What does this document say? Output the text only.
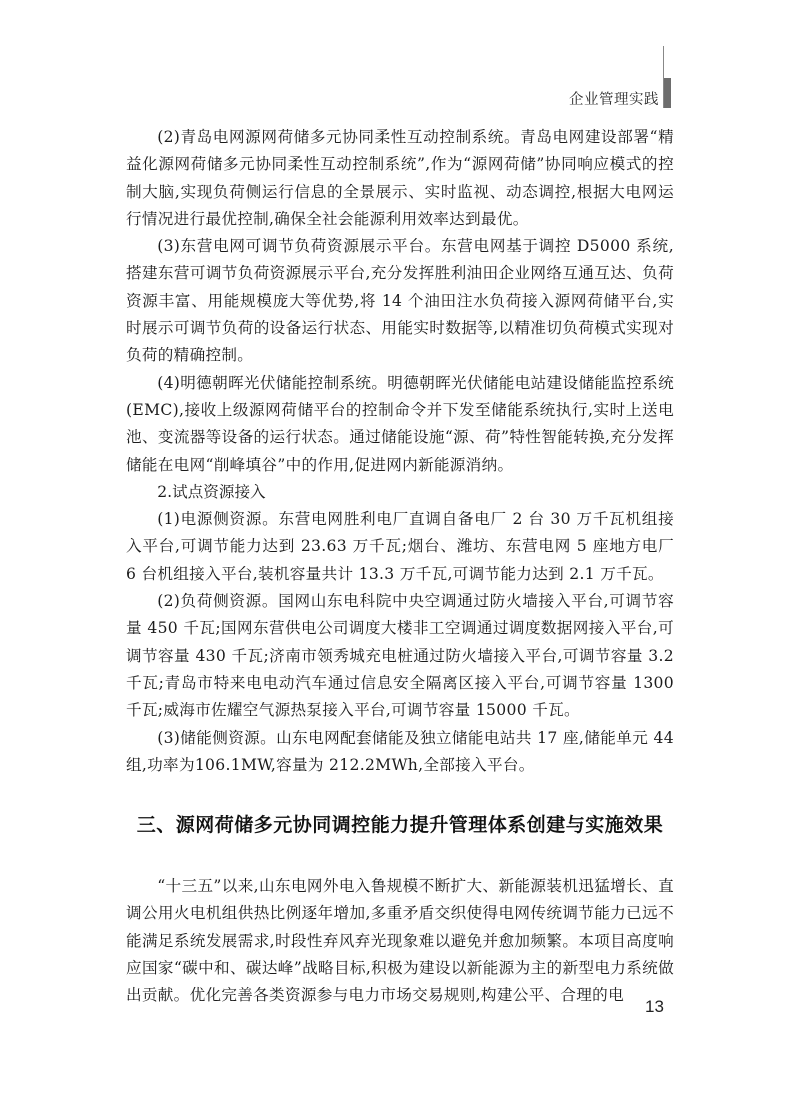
企业管理实践

(2)青岛电网源网荷储多元协同柔性互动控制系统。青岛电网建设部署“精益化源网荷储多元协同柔性互动控制系统”,作为“源网荷储”协同响应模式的控制大脑,实现负荷侧运行信息的全景展示、实时监视、动态调控,根据大电网运行情况进行最优控制,确保全社会能源利用效率达到最优。

(3)东营电网可调节负荷资源展示平台。东营电网基于调控 D5000 系统,搭建东营可调节负荷资源展示平台,充分发挥胜利油田企业网络互通互达、负荷资源丰富、用能规模庞大等优势,将 14 个油田注水负荷接入源网荷储平台,实时展示可调节负荷的设备运行状态、用能实时数据等,以精准切负荷模式实现对负荷的精确控制。

(4)明德朝晖光伏储能控制系统。明德朝晖光伏储能电站建设储能监控系统(EMC),接收上级源网荷储平台的控制命令并下发至储能系统执行,实时上送电池、变流器等设备的运行状态。通过储能设施“源、荷”特性智能转换,充分发挥储能在电网“削峰填谷”中的作用,促进网内新能源消纳。

2.试点资源接入

(1)电源侧资源。东营电网胜利电厂直调自备电厂 2 台 30 万千瓦机组接入平台,可调节能力达到 23.63 万千瓦;烟台、潍坊、东营电网 5 座地方电厂 6 台机组接入平台,装机容量共计 13.3 万千瓦,可调节能力达到 2.1 万千瓦。

(2)负荷侧资源。国网山东电科院中央空调通过防火墙接入平台,可调节容量 450 千瓦;国网东营供电公司调度大楼非工空调通过调度数据网接入平台,可调节容量 430 千瓦;济南市领秀城充电桩通过防火墙接入平台,可调节容量 3.2 千瓦;青岛市特来电电动汽车通过信息安全隔离区接入平台,可调节容量 1300 千瓦;威海市佐耀空气源热泵接入平台,可调节容量 15000 千瓦。

(3)储能侧资源。山东电网配套储能及独立储能电站共 17 座,储能单元 44 组,功率为106.1MW,容量为 212.2MWh,全部接入平台。

三、源网荷储多元协同调控能力提升管理体系创建与实施效果

“十三五”以来,山东电网外电入鲁规模不断扩大、新能源装机迅猛增长、直调公用火电机组供热比例逐年增加,多重矛盾交织使得电网传统调节能力已远不能满足系统发展需求,时段性弃风弃光现象难以避免并愈加频繁。本项目高度响应国家“碳中和、碳达峰”战略目标,积极为建设以新能源为主的新型电力系统做出贡献。优化完善各类资源参与电力市场交易规则,构建公平、合理的电

13
